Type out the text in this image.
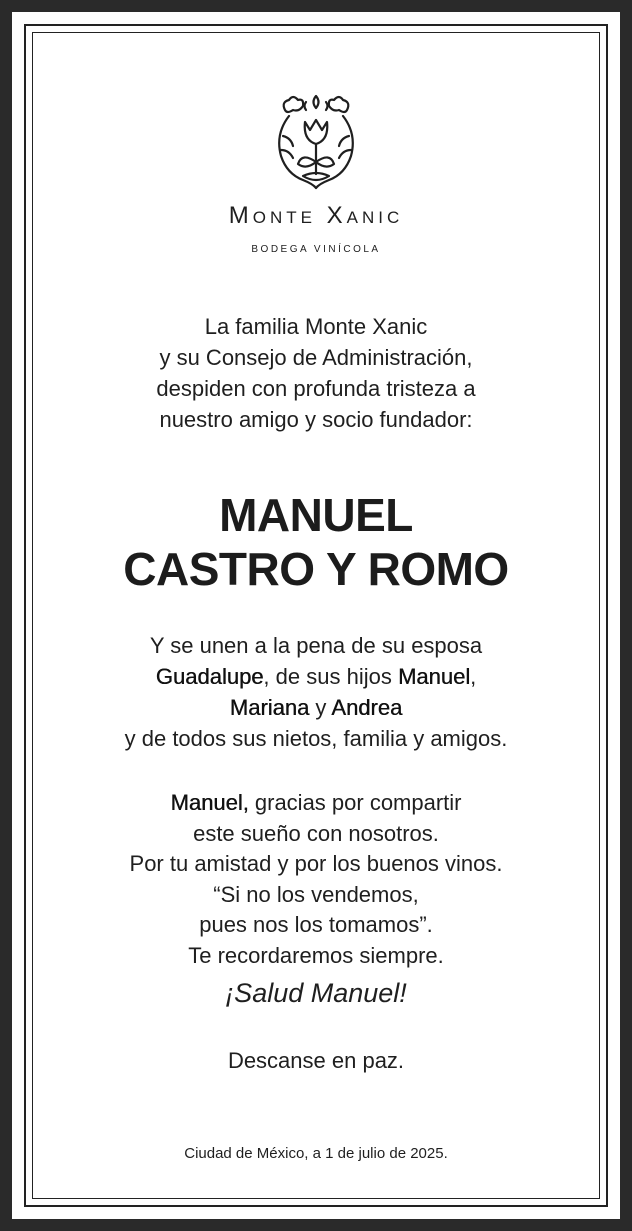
Monte Xanic
BODEGA VINÍCOLA
La familia Monte Xanic
y su Consejo de Administración,
despiden con profunda tristeza a
nuestro amigo y socio fundador:
MANUEL
CASTRO Y ROMO
Y se unen a la pena de su esposa
Guadalupe, de sus hijos Manuel,
Mariana y Andrea
y de todos sus nietos, familia y amigos.
Manuel, gracias por compartir
este sueño con nosotros.
Por tu amistad y por los buenos vinos.
“Si no los vendemos,
pues nos los tomamos”.
Te recordaremos siempre.
¡Salud Manuel!
Descanse en paz.
Ciudad de México, a 1 de julio de 2025.
